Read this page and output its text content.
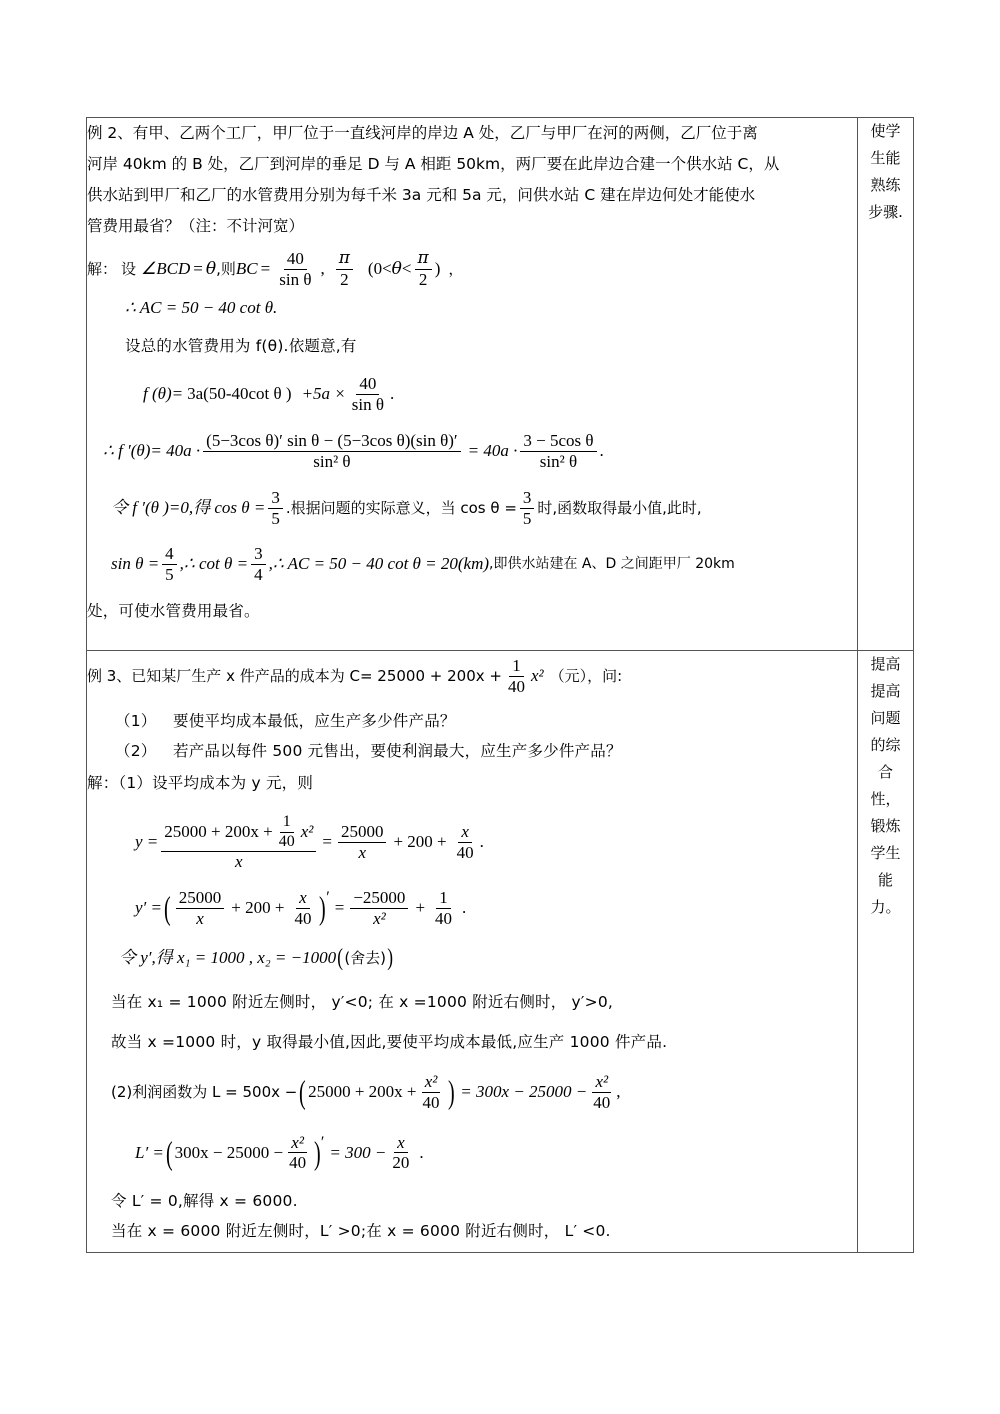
例 2、有甲、乙两个工厂，甲厂位于一直线河岸的岸边 A 处，乙厂与甲厂在河的两侧，乙厂位于离
河岸 40km 的 B 处，乙厂到河岸的垂足 D 与 A 相距 50km，两厂要在此岸边合建一个供水站 C，从
供水站到甲厂和乙厂的水管费用分别为每千米 3a 元和 5a 元，问供水站 C 建在岸边何处才能使水
管费用最省？（注：不计河宽）
解： 设 ∠BCD = θ ,则 BC = $\frac{40}{\text{sin θ}}$ , $\frac{\pi}{2} (0< \theta < \frac{\pi}{2}$ ) ，
∴ AC = 50 − 40 cot θ.
设总的水管费用为 f(θ).依题意,有
f (θ)= 3a(50-40cot θ ) $+5a \times \frac{40}{\text{sin θ}}$ .
∴ f $'(\theta)= 40a \cdot \frac{\text{(5−3cos θ)′ sin θ − (5−3cos θ)(sin θ)′}}{\text{sin² θ}} = 40a \cdot \frac{\text{3 − 5cos θ}}{\text{sin² θ}}$ .
令 f ′(θ )=0,得 $\cos \theta = \frac{3}{5}$ .根据问题的实际意义，当 $\cos \theta = \frac{3}{5}$ 时,函数取得最小值,此时,
$\sin \theta = \frac{4}{5}$ ,∴ $\cot \theta = \frac{3}{4}$ ,∴ AC = 50 − 40 cot θ = 20 (km) ,即供水站建在 A、D 之间距甲厂 20km
处，可使水管费用最省。

使学生能熟练步骤.

例 3、已知某厂生产 x 件产品的成本为 $C= 25000 + 200x + \frac{1}{40} x^2$ （元），问:
（1）	要使平均成本最低，应生产多少件产品？
（2）	若产品以每件 500 元售出，要使利润最大，应生产多少件产品？
解：（1）设平均成本为 y 元，则
y =
$25000 + 200x + \frac{1}{40} x^2$
x
= $\frac{25000}{x} + 200 + \frac{x}{40}$ .
y′ = ( $\frac{25000}{x} + 200 + \frac{x}{40}$ ) ′
= $\frac{-25000}{\text{x²}} + \frac{1}{40}$ .
令 y′,得 x₁ = 1000 , x₂ = −1000 ( (舍去) )
当在 x₁ = 1000 附近左侧时， y′<0; 在 x =1000 附近右侧时， y′>0,
故当 x =1000 时，y 取得最小值,因此,要使平均成本最低,应生产 1000 件产品.
(2)利润函数为 L = 500x − ( $25000 + 200x + \frac{\text{x²}}{40}$ ) = $300x - 25000 - \frac{\text{x²}}{40}$ ,
L′ = ( $300x - 25000 - \frac{\text{x²}}{40}$ ) ′
= $300 - \frac{x}{20}$ .
令 L′ = 0,解得 x = 6000.
当在 x = 6000 附近左侧时，L′ >0;在 x = 6000 附近右侧时， L′ <0.

提高提高问题的综合性，锻炼学生能力。
